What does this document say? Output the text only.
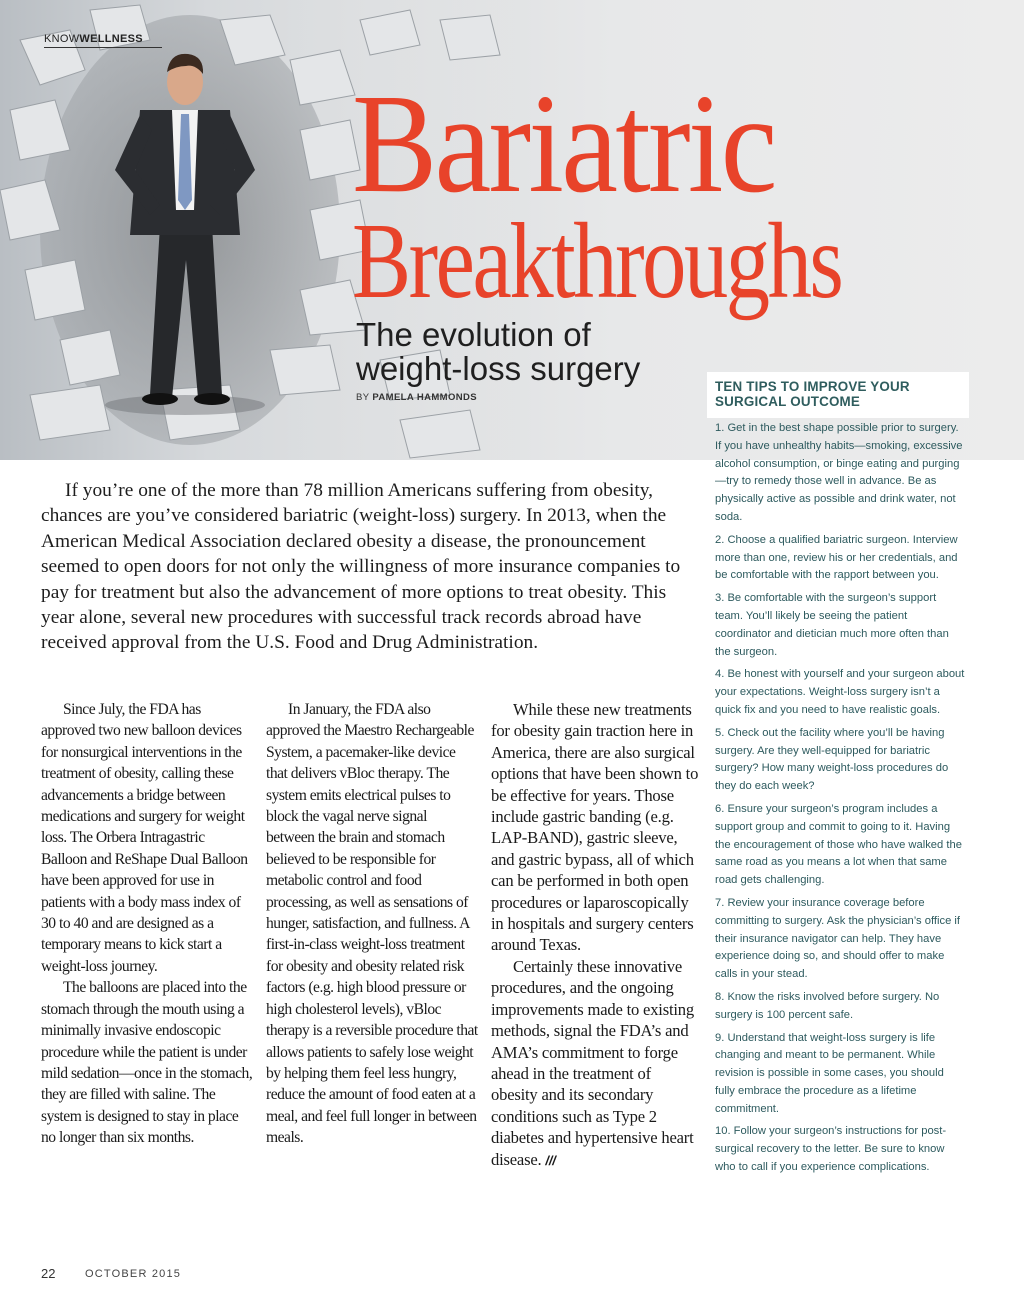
KNOWWELLNESS
Bariatric
Breakthroughs
The evolution of
weight-loss surgery
BY PAMELA HAMMONDS
TEN TIPS TO IMPROVE YOUR SURGICAL OUTCOME
1. Get in the best shape possible prior to surgery. If you have unhealthy habits—smoking, excessive alcohol consumption, or binge eating and purging—try to remedy those well in advance. Be as physically active as possible and drink water, not soda.
2. Choose a qualified bariatric surgeon. Interview more than one, review his or her credentials, and be comfortable with the rapport between you.
3. Be comfortable with the surgeon’s support team. You’ll likely be seeing the patient coordinator and dietician much more often than the surgeon.
4. Be honest with yourself and your surgeon about your expectations. Weight-loss surgery isn’t a quick fix and you need to have realistic goals.
5. Check out the facility where you’ll be having surgery. Are they well-equipped for bariatric surgery? How many weight-loss procedures do they do each week?
6. Ensure your surgeon’s program includes a support group and commit to going to it. Having the encouragement of those who have walked the same road as you means a lot when that same road gets challenging.
7. Review your insurance coverage before committing to surgery. Ask the physician’s office if their insurance navigator can help. They have experience doing so, and should offer to make calls in your stead.
8. Know the risks involved before surgery. No surgery is 100 percent safe.
9. Understand that weight-loss surgery is life changing and meant to be permanent. While revision is possible in some cases, you should fully embrace the procedure as a lifetime commitment.
10. Follow your surgeon’s instructions for post-surgical recovery to the letter. Be sure to know who to call if you experience complications.

If you’re one of the more than 78 million Americans suffering from obesity, chances are you’ve considered bariatric (weight-loss) surgery. In 2013, when the American Medical Association declared obesity a disease, the pronouncement seemed to open doors for not only the willingness of more insurance companies to pay for treatment but also the advancement of more options to treat obesity. This year alone, several new procedures with successful track records abroad have received approval from the U.S. Food and Drug Administration.

Since July, the FDA has approved two new balloon devices for nonsurgical interventions in the treatment of obesity, calling these advancements a bridge between medications and surgery for weight loss. The Orbera Intragastric Balloon and ReShape Dual Balloon have been approved for use in patients with a body mass index of 30 to 40 and are designed as a temporary means to kick start a weight-loss journey.

The balloons are placed into the stomach through the mouth using a minimally invasive endoscopic procedure while the patient is under mild sedation—once in the stomach, they are filled with saline. The system is designed to stay in place no longer than six months.

In January, the FDA also approved the Maestro Rechargeable System, a pacemaker-like device that delivers vBloc therapy. The system emits electrical pulses to block the vagal nerve signal between the brain and stomach believed to be responsible for metabolic control and food processing, as well as sensations of hunger, satisfaction, and fullness. A first-in-class weight-loss treatment for obesity and obesity related risk factors (e.g. high blood pressure or high cholesterol levels), vBloc therapy is a reversible procedure that allows patients to safely lose weight by helping them feel less hungry, reduce the amount of food eaten at a meal, and feel full longer in between meals.

While these new treatments for obesity gain traction here in America, there are also surgical options that have been shown to be effective for years. Those include gastric banding (e.g. LAP-BAND), gastric sleeve, and gastric bypass, all of which can be performed in both open procedures or laparoscopically in hospitals and surgery centers around Texas.

Certainly these innovative procedures, and the ongoing improvements made to existing methods, signal the FDA’s and AMA’s commitment to forge ahead in the treatment of obesity and its secondary conditions such as Type 2 diabetes and hypertensive heart disease. ///

22	OCTOBER 2015
